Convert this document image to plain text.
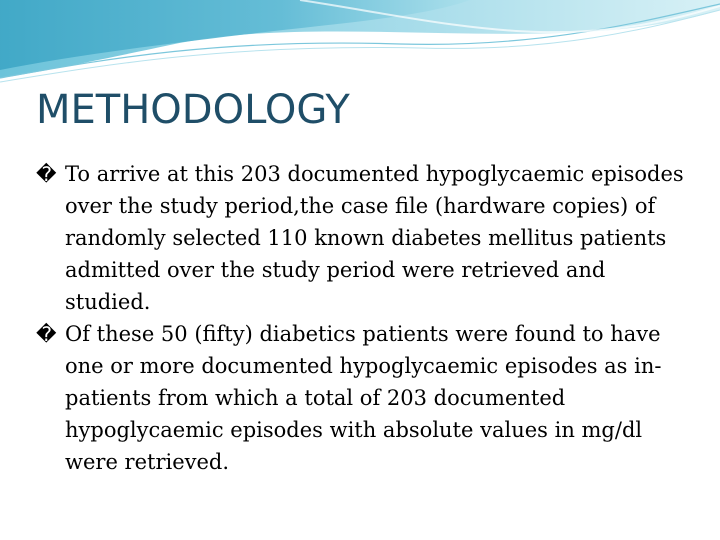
METHODOLOGY
� To arrive at this 203 documented hypoglycaemic episodes over the study period,the case file (hardware copies) of randomly selected 110 known diabetes mellitus patients admitted over the study period were retrieved and studied.
� Of these 50 (fifty) diabetics patients were found to have one or more documented hypoglycaemic episodes as in-patients from which a total of 203 documented hypoglycaemic episodes with absolute values in mg/dl were retrieved.
